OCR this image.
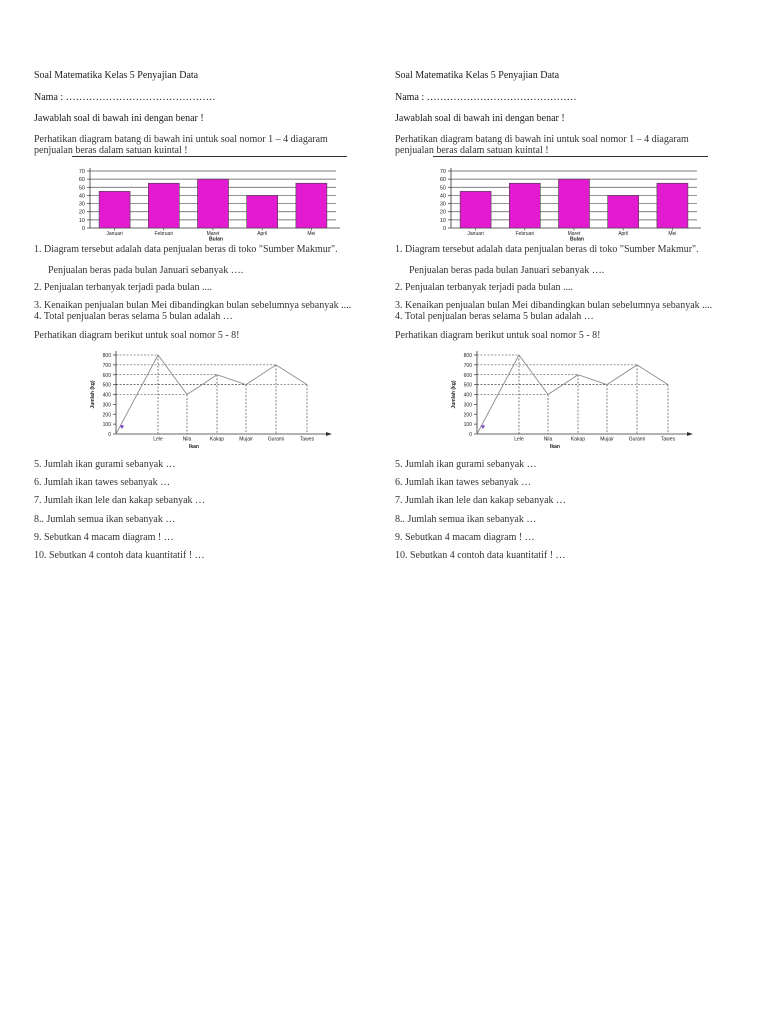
Soal Matematika Kelas 5 Penyajian Data
Nama : ………………………………………
Jawablah soal di bawah ini dengan benar !
Perhatikan diagram batang di bawah ini untuk soal nomor 1 – 4 diagaram penjualan beras dalam satuan kuintal !
0
10
20
30
40
50
60
70
Januari	Februari	Maret	April	Mei
Bulan
1. Diagram tersebut adalah data penjualan beras di toko "Sumber Makmur".
Penjualan beras pada bulan Januari sebanyak ….
2. Penjualan terbanyak terjadi pada bulan ....
3. Kenaikan penjualan bulan Mei dibandingkan bulan sebelumnya sebanyak ....
4. Total penjualan beras selama 5 bulan adalah …
Perhatikan diagram berikut untuk soal nomor 5 - 8!
0
100
200
300
400
500
600
700
800
Jumlah (kg)
Lele	Nila	Kakap	Mujair	Gurami	Tawes
Ikan
♥
5. Jumlah ikan gurami sebanyak …
6. Jumlah ikan tawes sebanyak …
7. Jumlah ikan lele dan kakap sebanyak …
8.. Jumlah semua ikan sebanyak …
9. Sebutkan 4 macam diagram ! …
10. Sebutkan 4 contoh data kuantitatif ! …
Soal Matematika Kelas 5 Penyajian Data
Nama : ………………………………………
Jawablah soal di bawah ini dengan benar !
Perhatikan diagram batang di bawah ini untuk soal nomor 1 – 4 diagaram penjualan beras dalam satuan kuintal !
0
10
20
30
40
50
60
70
Januari	Februari	Maret	April	Mei
Bulan
1. Diagram tersebut adalah data penjualan beras di toko "Sumber Makmur".
Penjualan beras pada bulan Januari sebanyak ….
2. Penjualan terbanyak terjadi pada bulan ....
3. Kenaikan penjualan bulan Mei dibandingkan bulan sebelumnya sebanyak ....
4. Total penjualan beras selama 5 bulan adalah …
Perhatikan diagram berikut untuk soal nomor 5 - 8!
0
100
200
300
400
500
600
700
800
Jumlah (kg)
Lele	Nila	Kakap	Mujair	Gurami	Tawes
Ikan
♥
5. Jumlah ikan gurami sebanyak …
6. Jumlah ikan tawes sebanyak …
7. Jumlah ikan lele dan kakap sebanyak …
8.. Jumlah semua ikan sebanyak …
9. Sebutkan 4 macam diagram ! …
10. Sebutkan 4 contoh data kuantitatif ! …
